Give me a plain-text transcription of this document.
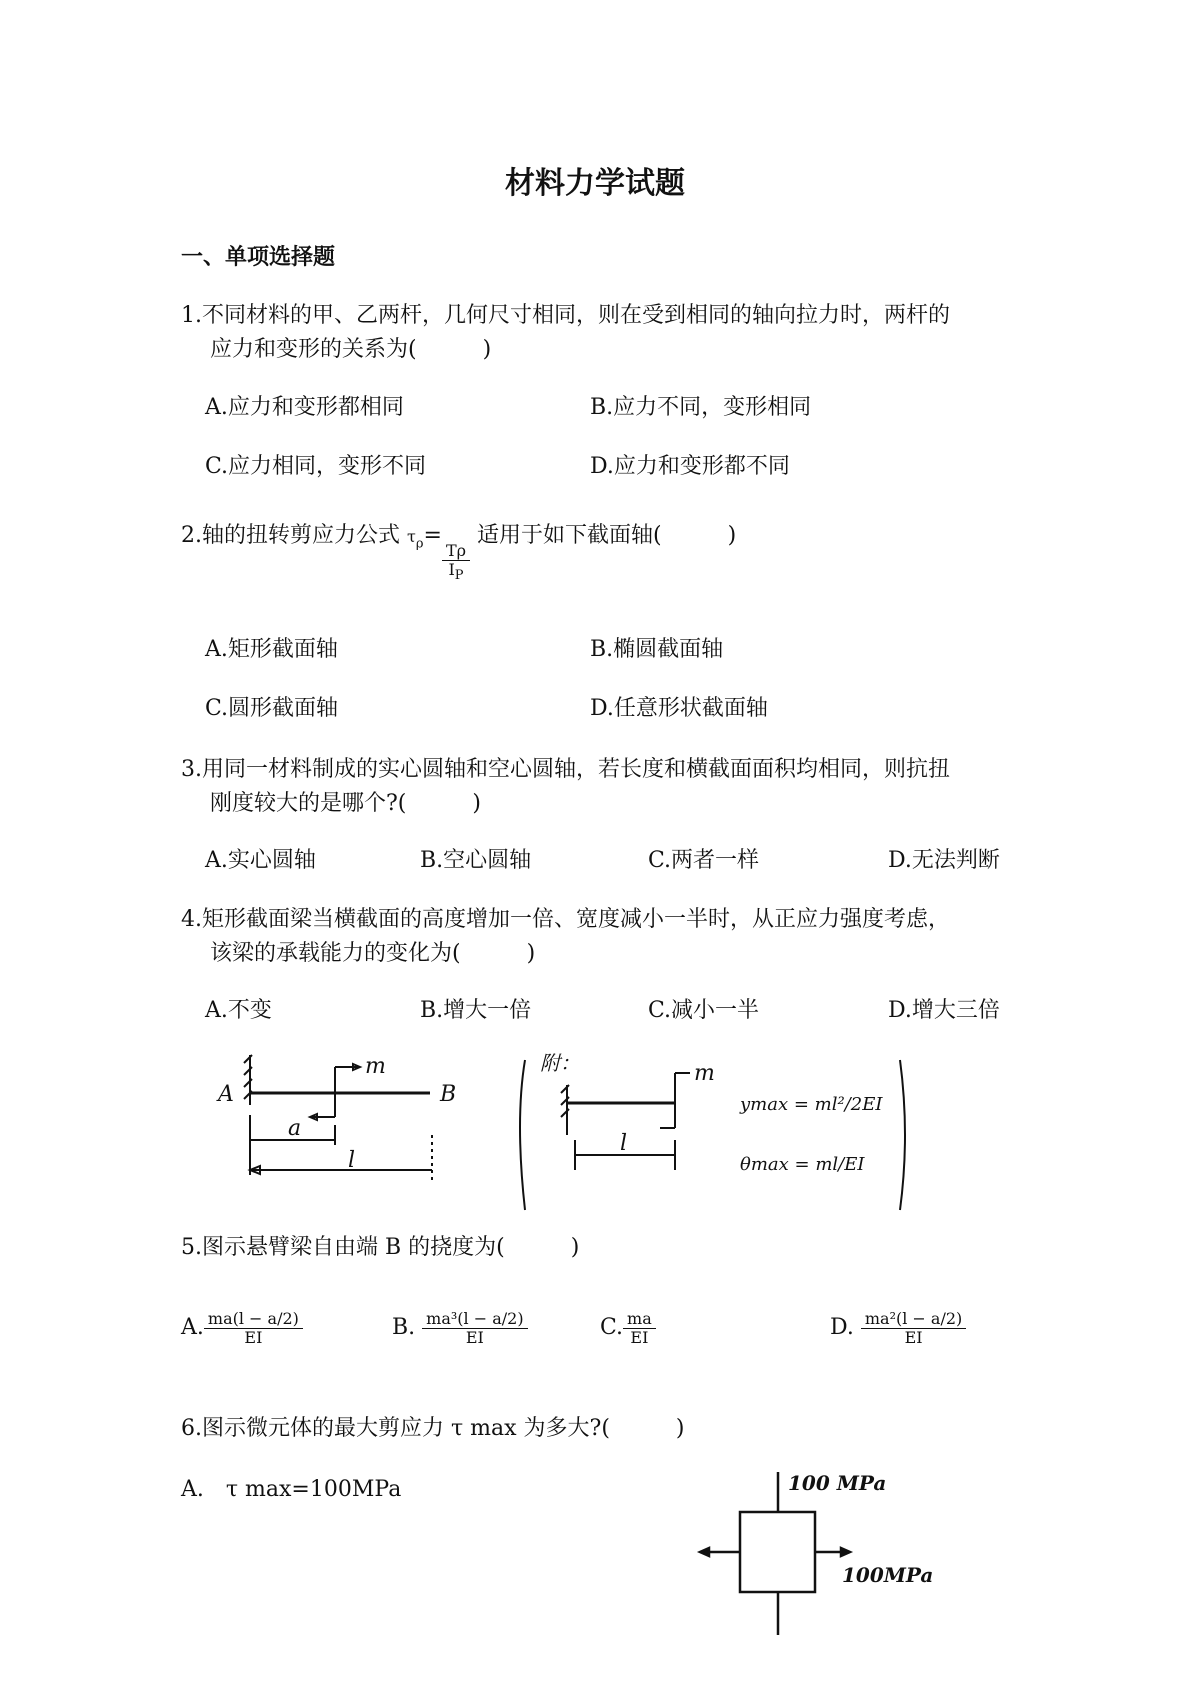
材料力学试题
一、单项选择题
1.不同材料的甲、乙两杆，几何尺寸相同，则在受到相同的轴向拉力时，两杆的
应力和变形的关系为(　　　)
A.应力和变形都相同	B.应力不同，变形相同
C.应力相同，变形不同	D.应力和变形都不同
2.轴的扭转剪应力公式 $\tau_\rho=$
$\frac{T\rho}{I_P}$
适用于如下截面轴(　　　)
A.矩形截面轴	B.椭圆截面轴
C.圆形截面轴	D.任意形状截面轴
3.用同一材料制成的实心圆轴和空心圆轴，若长度和横截面面积均相同，则抗扭
刚度较大的是哪个?(　　　)
A.实心圆轴	B.空心圆轴	C.两者一样	D.无法判断
4.矩形截面梁当横截面的高度增加一倍、宽度减小一半时，从正应力强度考虑，
该梁的承载能力的变化为(　　　)
A.不变	B.增大一倍	C.减小一半	D.增大三倍
A	B
m
a
l
附：	m
l
ymax = ml²/2EI
θmax = ml/EI
5.图示悬臂梁自由端 B 的挠度为(　　　)
A. $\frac{ma(l - a/2)}{EI}$	B. $\frac{\text{ma³(l − a/2)}}{EI}$	C. $\frac{ma}{EI}$	D. $\frac{\text{ma²(l − a/2)}}{EI}$
6.图示微元体的最大剪应力 τ max 为多大?(　　　)
A.　τ max=100MPa	100 MPa
100MPa
